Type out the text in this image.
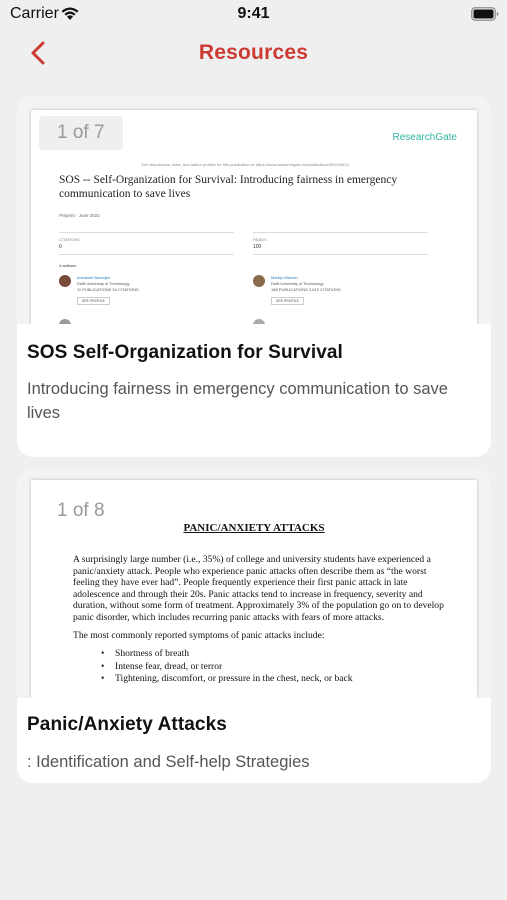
Carrier	9:41
Resources
ResearchGate
See discussions, stats, and author profiles for this publication at: https://www.researchgate.net/publication/361045424
SOS -- Self-Organization for Survival: Introducing fairness in emergency communication to save lives
Preprint · June 2022
CITATIONS
0
READS
100
4 authors:
Indrakshi Banerjee
Delft University of Technology
11 PUBLICATIONS 34 CITATIONS
SEE PROFILE
Martijn Warnier
Delft University of Technology
188 PUBLICATIONS 2,612 CITATIONS
SEE PROFILE
1 of 7
SOS Self-Organization for Survival
Introducing fairness in emergency communication to save lives
PANIC/ANXIETY ATTACKS
A surprisingly large number (i.e., 35%) of college and university students have experienced a panic/anxiety attack. People who experience panic attacks often describe them as “the worst feeling they have ever had”. People frequently experience their first panic attack in late adolescence and through their 20s. Panic attacks tend to increase in frequency, severity and duration, without some form of treatment. Approximately 3% of the population go on to develop panic disorder, which includes recurring panic attacks with fears of more attacks.
The most commonly reported symptoms of panic attacks include:
• Shortness of breath
• Intense fear, dread, or terror
• Tightening, discomfort, or pressure in the chest, neck, or back
1 of 8
Panic/Anxiety Attacks
: Identification and Self-help Strategies
